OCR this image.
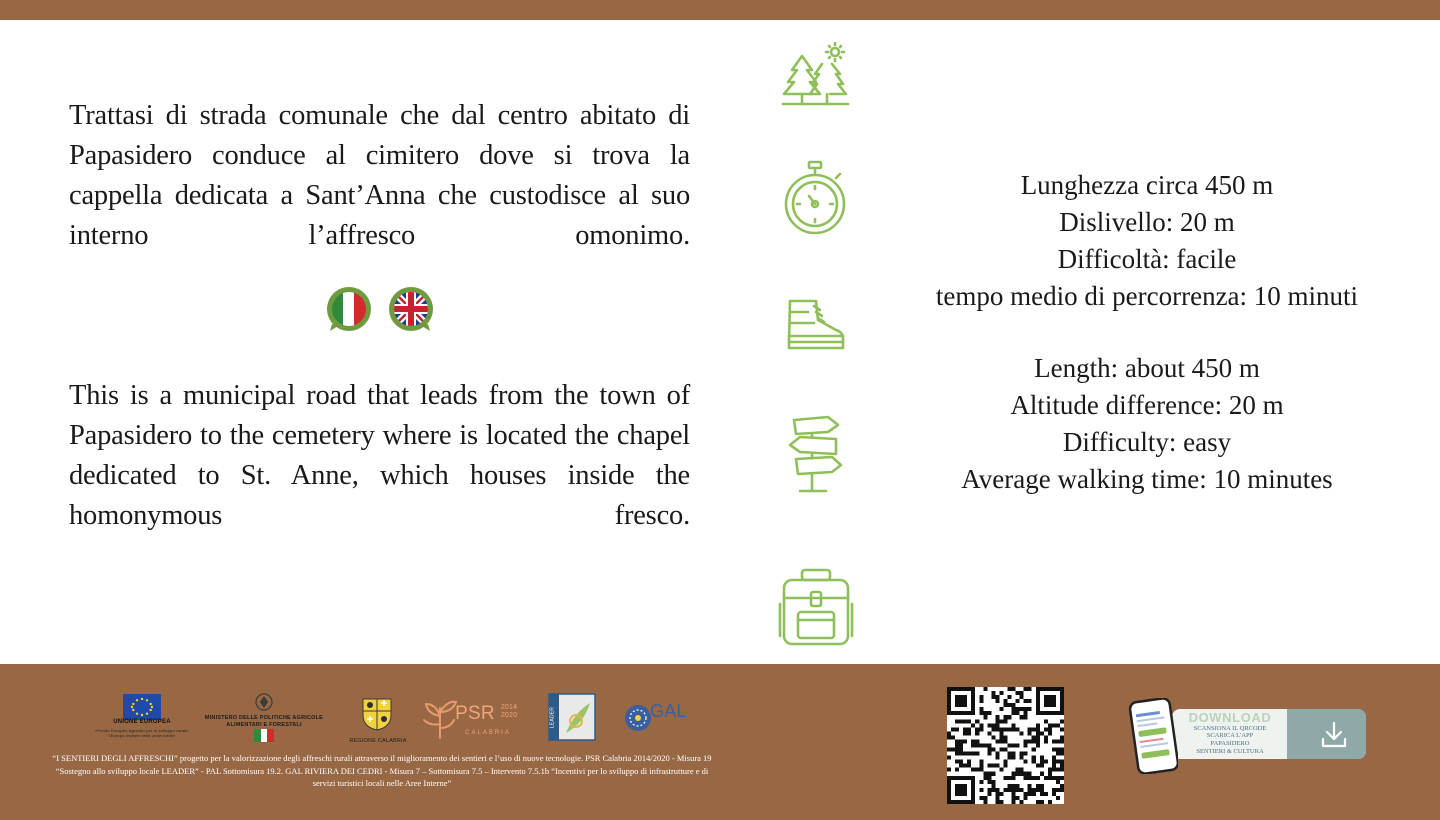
Trattasi di strada comunale che dal centro abitato di Papasidero conduce al cimitero dove si trova la cappella dedicata a Sant’Anna che custodisce al suo interno l’affresco omonimo.
This is a municipal road that leads from the town of Papasidero to the cemetery where is located the chapel dedicated to St. Anne, which houses inside the homonymous fresco.
Lunghezza circa 450 m
Dislivello: 20 m
Difficoltà: facile
tempo medio di percorrenza: 10 minuti
Length: about 450 m
Altitude difference: 20 m
Difficulty: easy
Average walking time: 10 minutes
UNIONE EUROPEA
«Fondo Europeo Agricolo per lo sviluppo rurale: l'Europa investe nelle zone rurali»
MINISTERO DELLE POLITICHE AGRICOLE ALIMENTARI E FORESTALI
REGIONE CALABRIA
PSR 2014 2020
CALABRIA
LEADER	GAL
“I SENTIERI DEGLI AFFRESCHI” progetto per la valorizzazione degli affreschi rurali attraverso il miglioramento dei sentieri e l’uso di nuove tecnologie. PSR Calabria 2014/2020 - Misura 19 “Sostegno allo sviluppo locale LEADER” - PAL Sottomisura 19.2. GAL RIVIERA DEI CEDRI - Misura 7 – Sottomisura 7.5 – Intervento 7.5.1b “Incentivi per lo sviluppo di infrastrutture e di servizi turistici locali nelle Aree Interne”
DOWNLOAD
SCANSIONA IL QRCODE
SCARICA L'APP
PAPASIDERO
SENTIERI & CULTURA
